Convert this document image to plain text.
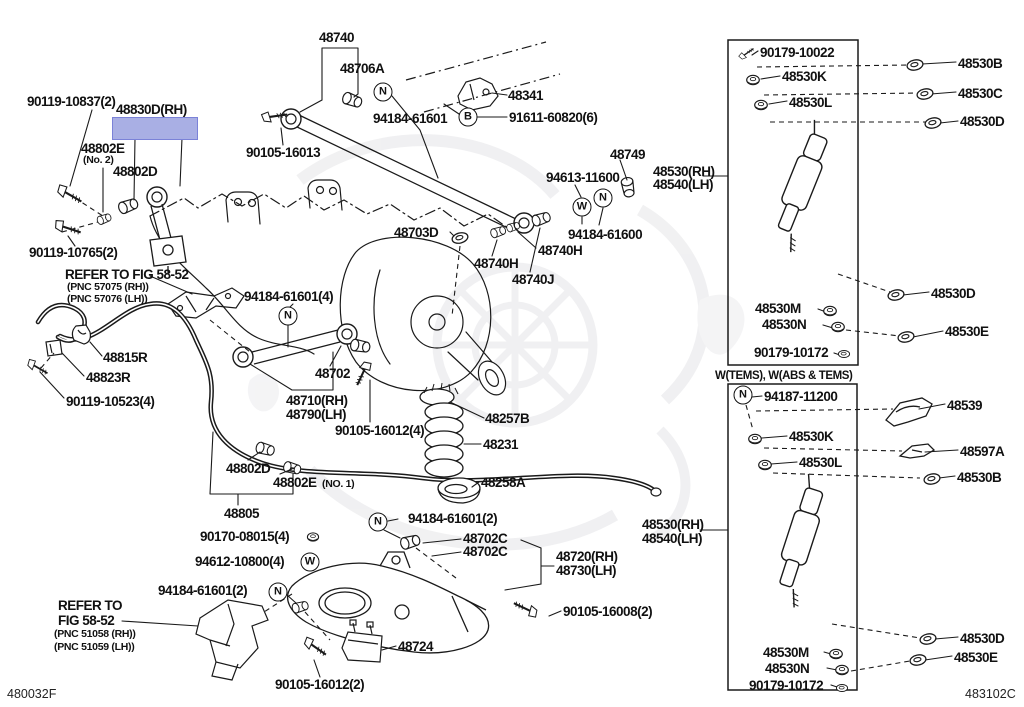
90119-10837(2)
48830D(RH)
48802E
(No. 2)
48802D
90119-10765(2)
REFER TO FIG 58-52
(PNC 57075 (RH))
(PNC 57076 (LH))
48815R
48823R
90119-10523(4)
48740
48706A
90105-16013
94184-61601	91611-60820(6)
48341
94613-11600
48749
48530(RH)
48540(LH)
94184-61600
48703D
48740H
48740H
48740J
94184-61601(4)
48702
48710(RH)
48790(LH)
90105-16012(4)
48257B
48231
48258A
48802D
48802E (NO. 1)
48805
90170-08015(4)
94612-10800(4)
94184-61601(2)
48702C
48702C	48720(RH)
48730(LH)
90105-16008(2)
REFER TO
FIG 58-52
(PNC 51058 (RH))
(PNC 51059 (LH))
94184-61601(2)
48724
90105-16012(2)
480032F	483102C
90179-10022
48530K
48530L
48530M
48530N
90179-10172
48530B
48530C
48530D
48530D
48530E
W(TEMS), W(ABS & TEMS)
94187-11200
48530K
48530L
48539
48597A
48530B
48530(RH)
48540(LH)
48530M
48530N
90179-10172
48530D
48530E
N
B
W
N
N
N
W
N
N
